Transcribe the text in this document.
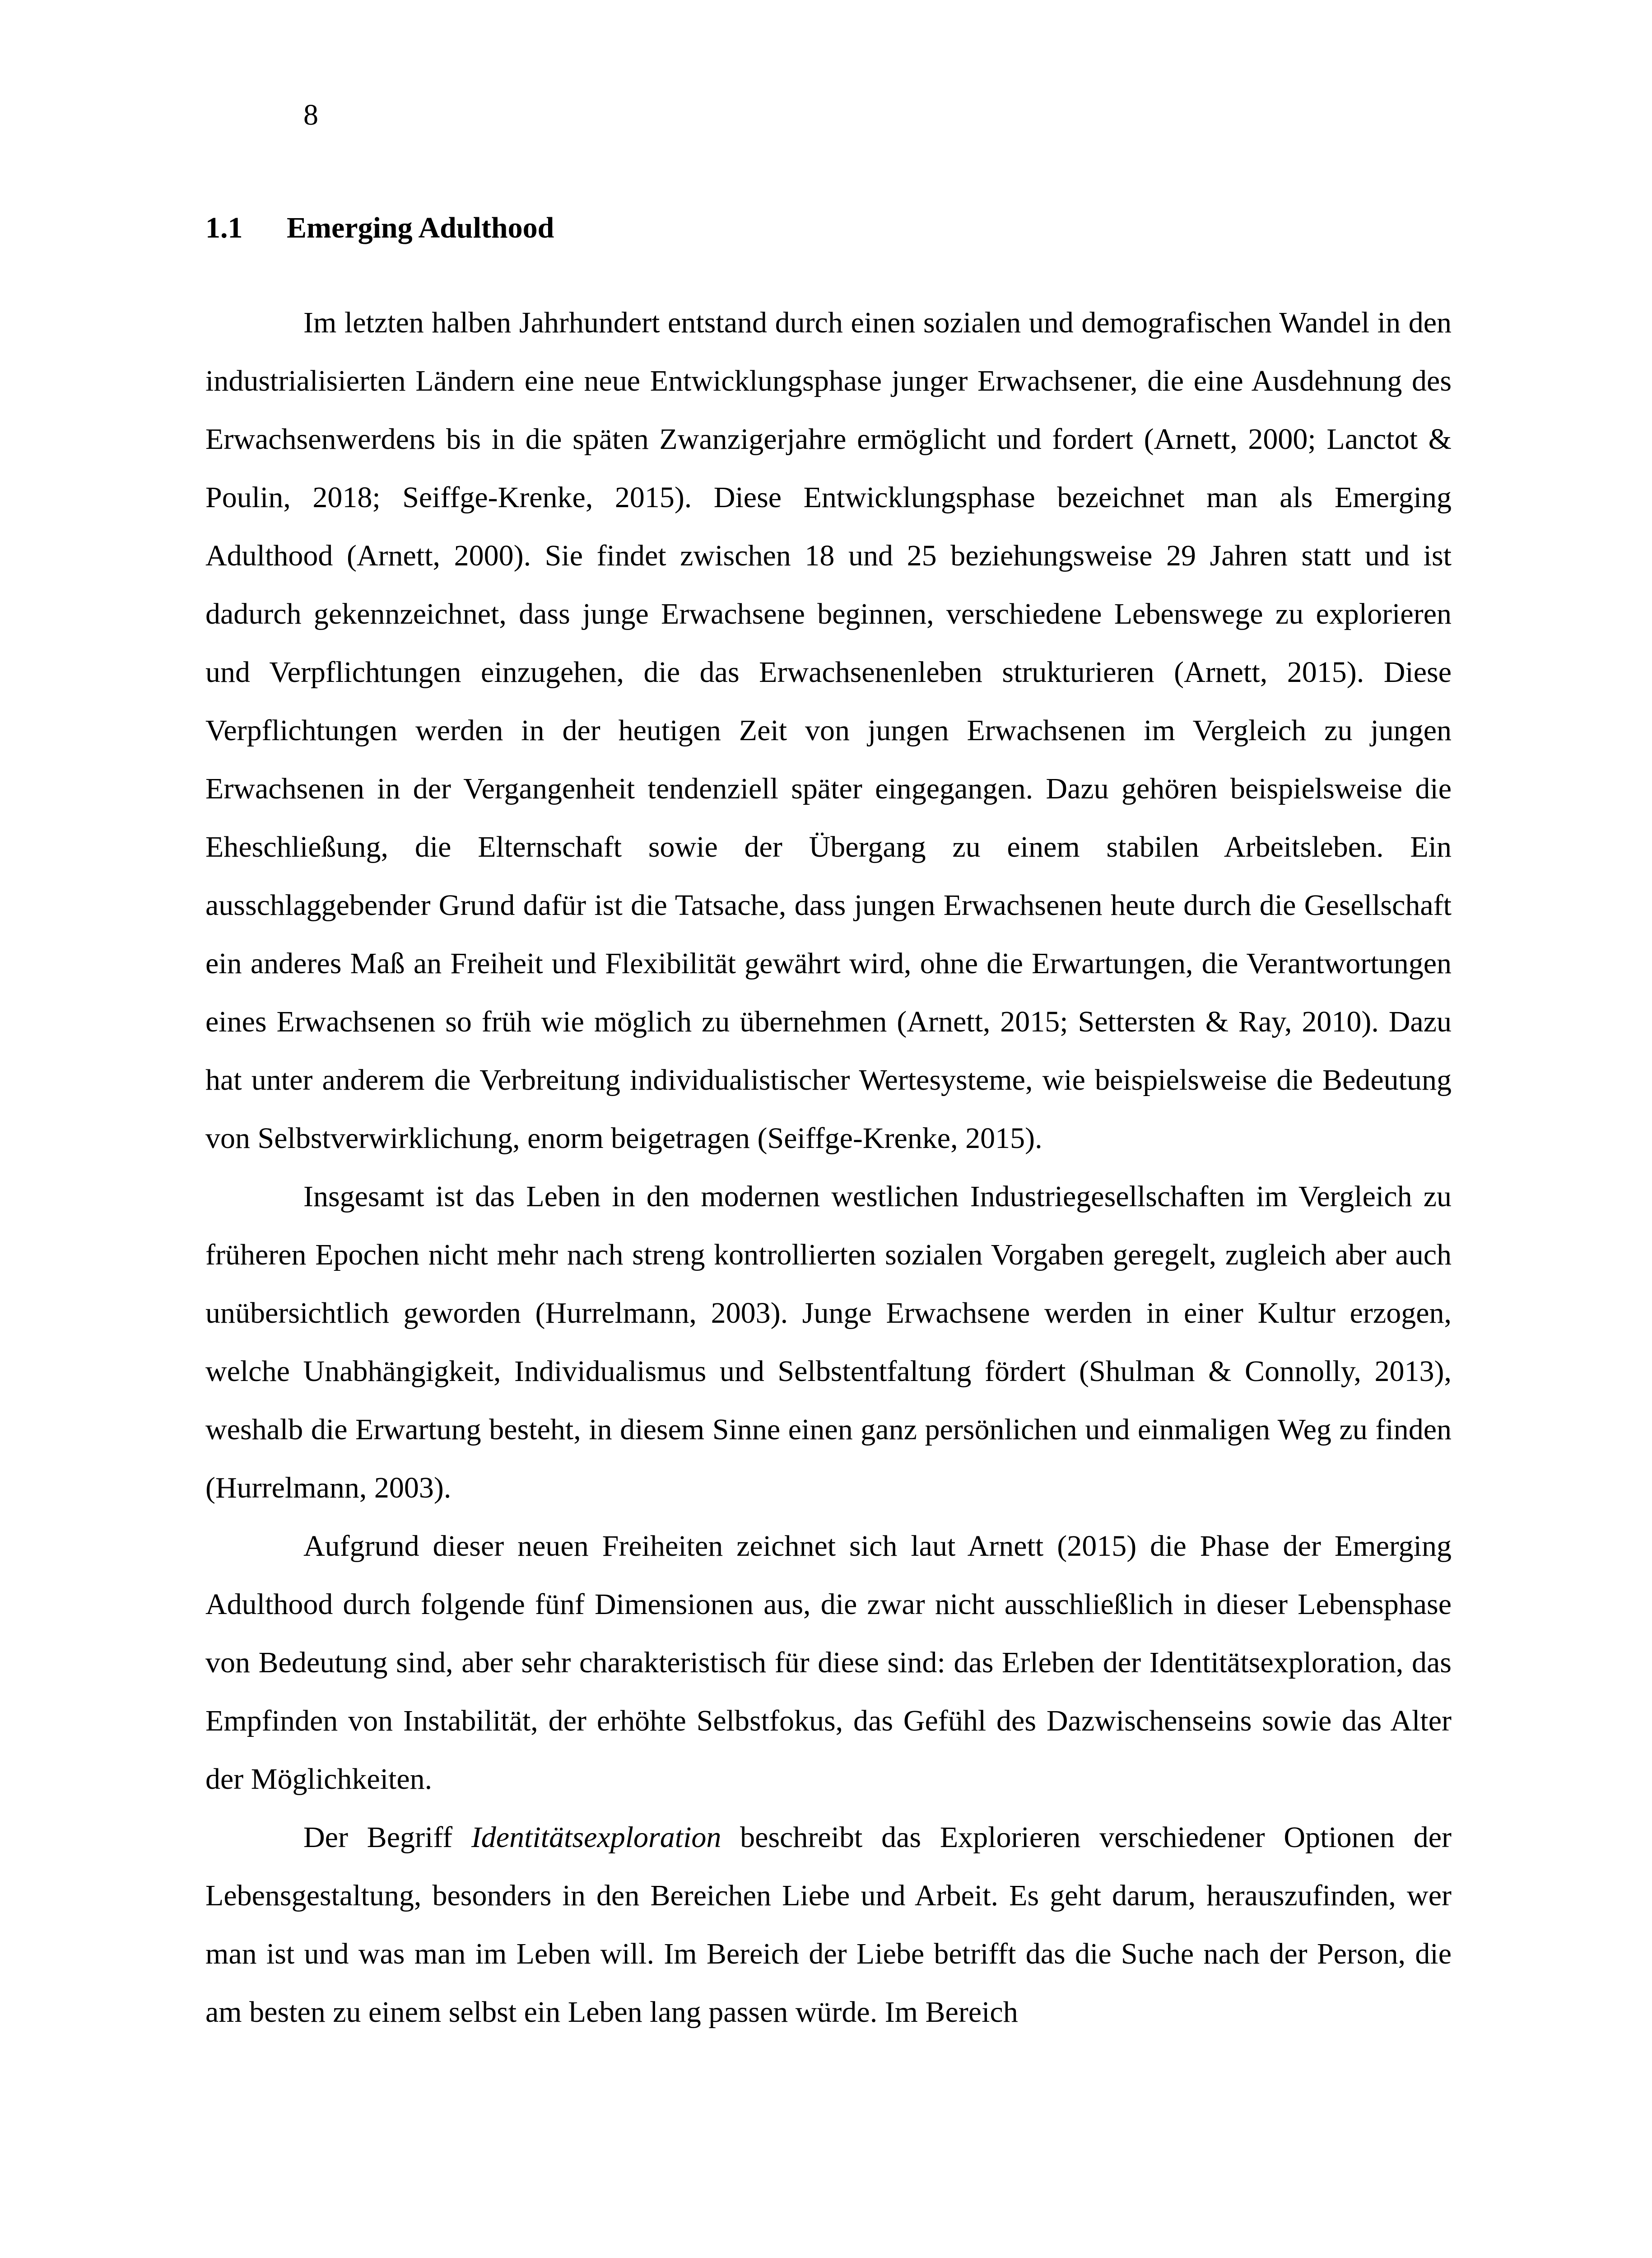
8

1.1 Emerging Adulthood

Im letzten halben Jahrhundert entstand durch einen sozialen und demografischen Wandel in den industrialisierten Ländern eine neue Entwicklungsphase junger Erwachsener, die eine Ausdehnung des Erwachsenwerdens bis in die späten Zwanzigerjahre ermöglicht und fordert (Arnett, 2000; Lanctot & Poulin, 2018; Seiffge-Krenke, 2015). Diese Entwicklungsphase bezeichnet man als Emerging Adulthood (Arnett, 2000). Sie findet zwischen 18 und 25 beziehungsweise 29 Jahren statt und ist dadurch gekennzeichnet, dass junge Erwachsene beginnen, verschiedene Lebenswege zu explorieren und Verpflichtungen einzugehen, die das Erwachsenenleben strukturieren (Arnett, 2015). Diese Verpflichtungen werden in der heutigen Zeit von jungen Erwachsenen im Vergleich zu jungen Erwachsenen in der Vergangenheit tendenziell später eingegangen. Dazu gehören beispielsweise die Eheschließung, die Elternschaft sowie der Übergang zu einem stabilen Arbeitsleben. Ein ausschlaggebender Grund dafür ist die Tatsache, dass jungen Erwachsenen heute durch die Gesellschaft ein anderes Maß an Freiheit und Flexibilität gewährt wird, ohne die Erwartungen, die Verantwortungen eines Erwachsenen so früh wie möglich zu übernehmen (Arnett, 2015; Settersten & Ray, 2010). Dazu hat unter anderem die Verbreitung individualistischer Wertesysteme, wie beispielsweise die Bedeutung von Selbstverwirklichung, enorm beigetragen (Seiffge-Krenke, 2015).

Insgesamt ist das Leben in den modernen westlichen Industriegesellschaften im Vergleich zu früheren Epochen nicht mehr nach streng kontrollierten sozialen Vorgaben geregelt, zugleich aber auch unübersichtlich geworden (Hurrelmann, 2003). Junge Erwachsene werden in einer Kultur erzogen, welche Unabhängigkeit, Individualismus und Selbstentfaltung fördert (Shulman & Connolly, 2013), weshalb die Erwartung besteht, in diesem Sinne einen ganz persönlichen und einmaligen Weg zu finden (Hurrelmann, 2003).

Aufgrund dieser neuen Freiheiten zeichnet sich laut Arnett (2015) die Phase der Emerging Adulthood durch folgende fünf Dimensionen aus, die zwar nicht ausschließlich in dieser Lebensphase von Bedeutung sind, aber sehr charakteristisch für diese sind: das Erleben der Identitätsexploration, das Empfinden von Instabilität, der erhöhte Selbstfokus, das Gefühl des Dazwischenseins sowie das Alter der Möglichkeiten.

Der Begriff Identitätsexploration beschreibt das Explorieren verschiedener Optionen der Lebensgestaltung, besonders in den Bereichen Liebe und Arbeit. Es geht darum, herauszufinden, wer man ist und was man im Leben will. Im Bereich der Liebe betrifft das die Suche nach der Person, die am besten zu einem selbst ein Leben lang passen würde. Im Bereich
